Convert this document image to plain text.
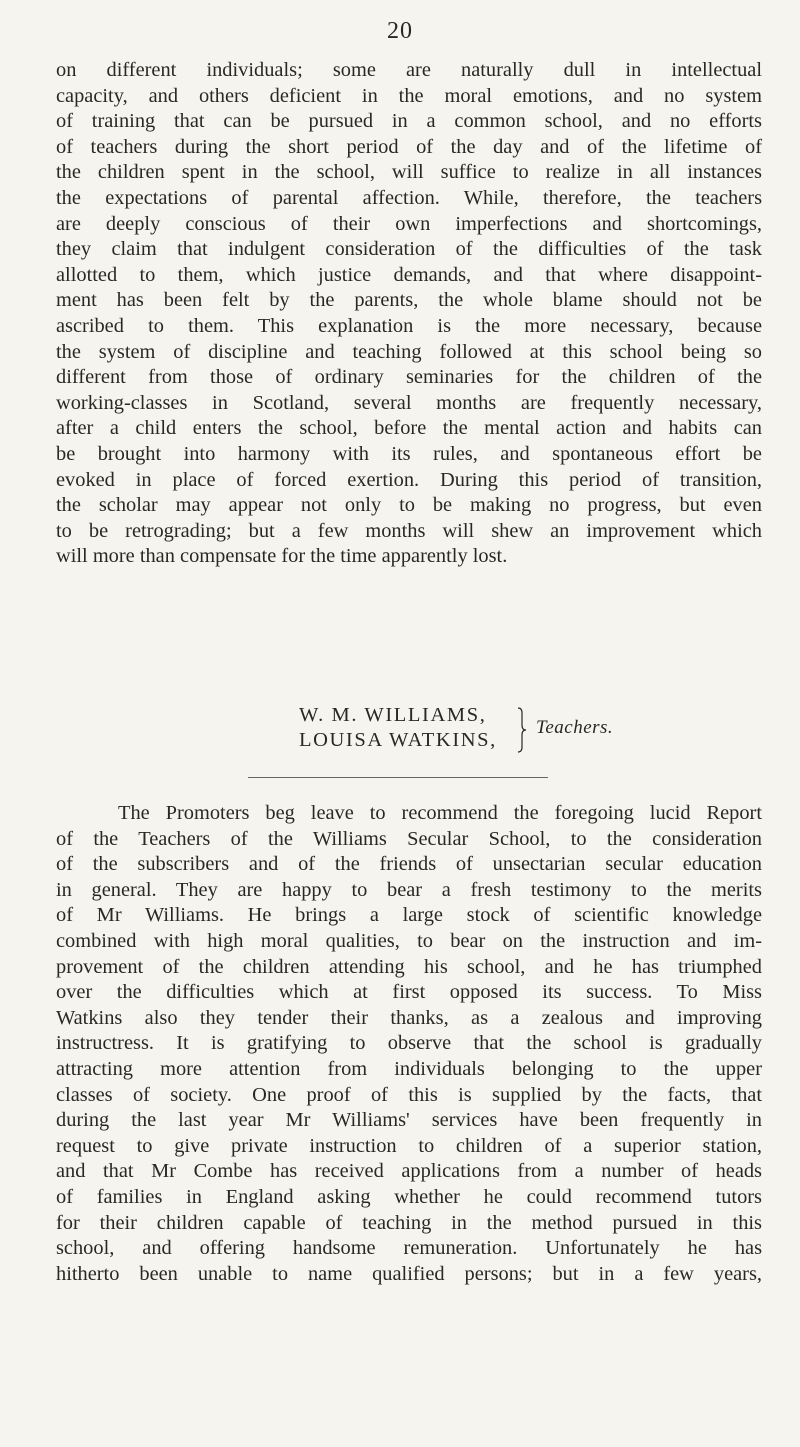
20
on different individuals; some are naturally dull in intellectual
capacity, and others deficient in the moral emotions, and no system
of training that can be pursued in a common school, and no efforts
of teachers during the short period of the day and of the lifetime of
the children spent in the school, will suffice to realize in all instances
the expectations of parental affection. While, therefore, the teachers
are deeply conscious of their own imperfections and shortcomings,
they claim that indulgent consideration of the difficulties of the task
allotted to them, which justice demands, and that where disappoint-
ment has been felt by the parents, the whole blame should not be
ascribed to them. This explanation is the more necessary, because
the system of discipline and teaching followed at this school being so
different from those of ordinary seminaries for the children of the
working-classes in Scotland, several months are frequently necessary,
after a child enters the school, before the mental action and habits can
be brought into harmony with its rules, and spontaneous effort be
evoked in place of forced exertion. During this period of transition,
the scholar may appear not only to be making no progress, but even
to be retrograding; but a few months will shew an improvement which
will more than compensate for the time apparently lost.
W. M. WILLIAMS,
LOUISA WATKINS,
Teachers.
The Promoters beg leave to recommend the foregoing lucid Report
of the Teachers of the Williams Secular School, to the consideration
of the subscribers and of the friends of unsectarian secular education
in general. They are happy to bear a fresh testimony to the merits
of Mr Williams. He brings a large stock of scientific knowledge
combined with high moral qualities, to bear on the instruction and im-
provement of the children attending his school, and he has triumphed
over the difficulties which at first opposed its success. To Miss
Watkins also they tender their thanks, as a zealous and improving
instructress. It is gratifying to observe that the school is gradually
attracting more attention from individuals belonging to the upper
classes of society. One proof of this is supplied by the facts, that
during the last year Mr Williams' services have been frequently in
request to give private instruction to children of a superior station,
and that Mr Combe has received applications from a number of heads
of families in England asking whether he could recommend tutors
for their children capable of teaching in the method pursued in this
school, and offering handsome remuneration. Unfortunately he has
hitherto been unable to name qualified persons; but in a few years,
